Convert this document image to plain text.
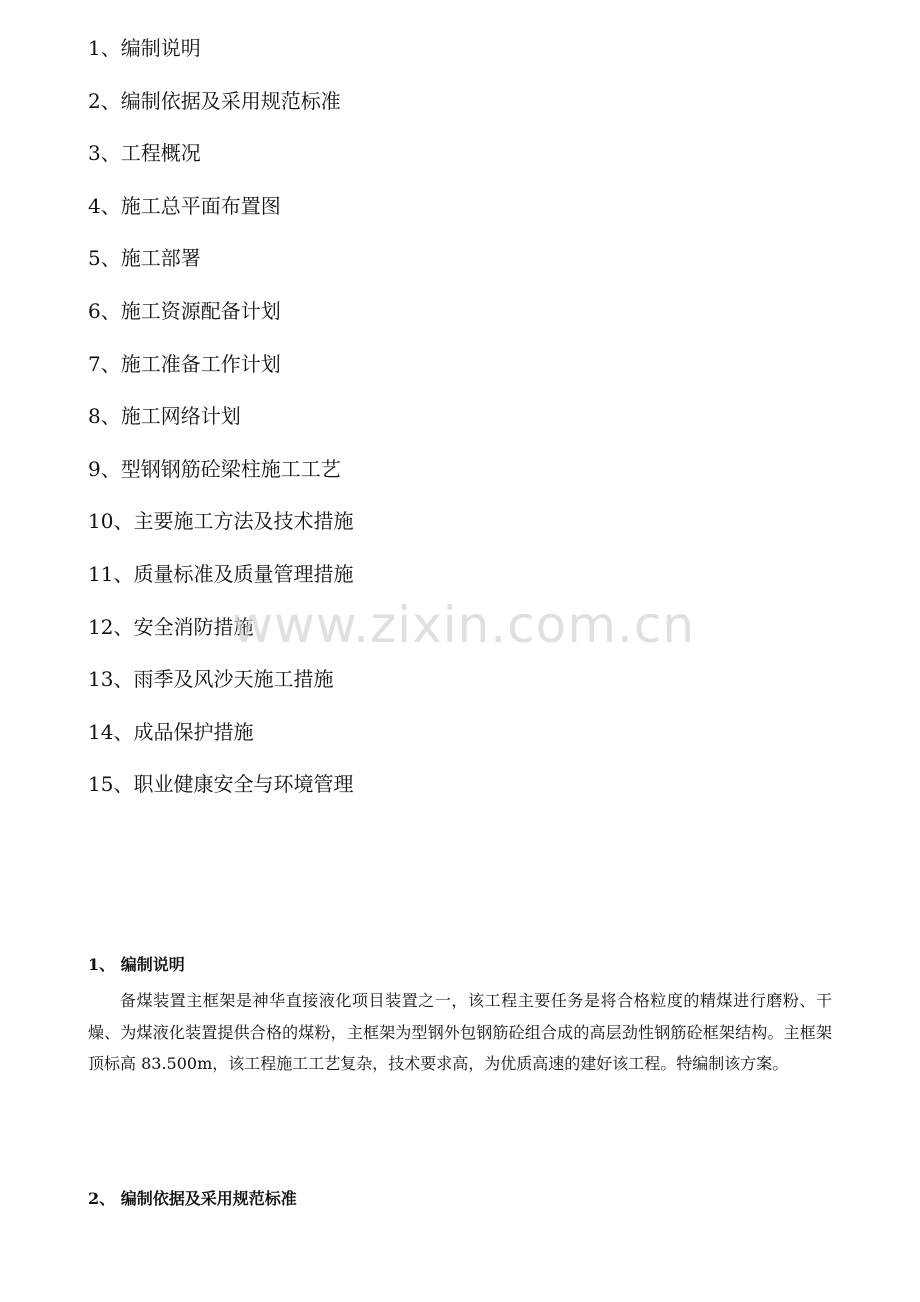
1、编制说明
2、编制依据及采用规范标准
3、工程概况
4、施工总平面布置图
5、施工部署
6、施工资源配备计划
7、施工准备工作计划
8、施工网络计划
9、型钢钢筋砼梁柱施工工艺
10、主要施工方法及技术措施
11、质量标准及质量管理措施
12、安全消防措施
13、雨季及风沙天施工措施
14、成品保护措施
15、职业健康安全与环境管理
www.zixin.com.cn
1、 编制说明

备煤装置主框架是神华直接液化项目装置之一，该工程主要任务是将合格粒度的精煤进行磨粉、干燥、为煤液化装置提供合格的煤粉，主框架为型钢外包钢筋砼组合成的高层劲性钢筋砼框架结构。主框架顶标高 83.500m，该工程施工工艺复杂，技术要求高，为优质高速的建好该工程。特编制该方案。

2、 编制依据及采用规范标准
